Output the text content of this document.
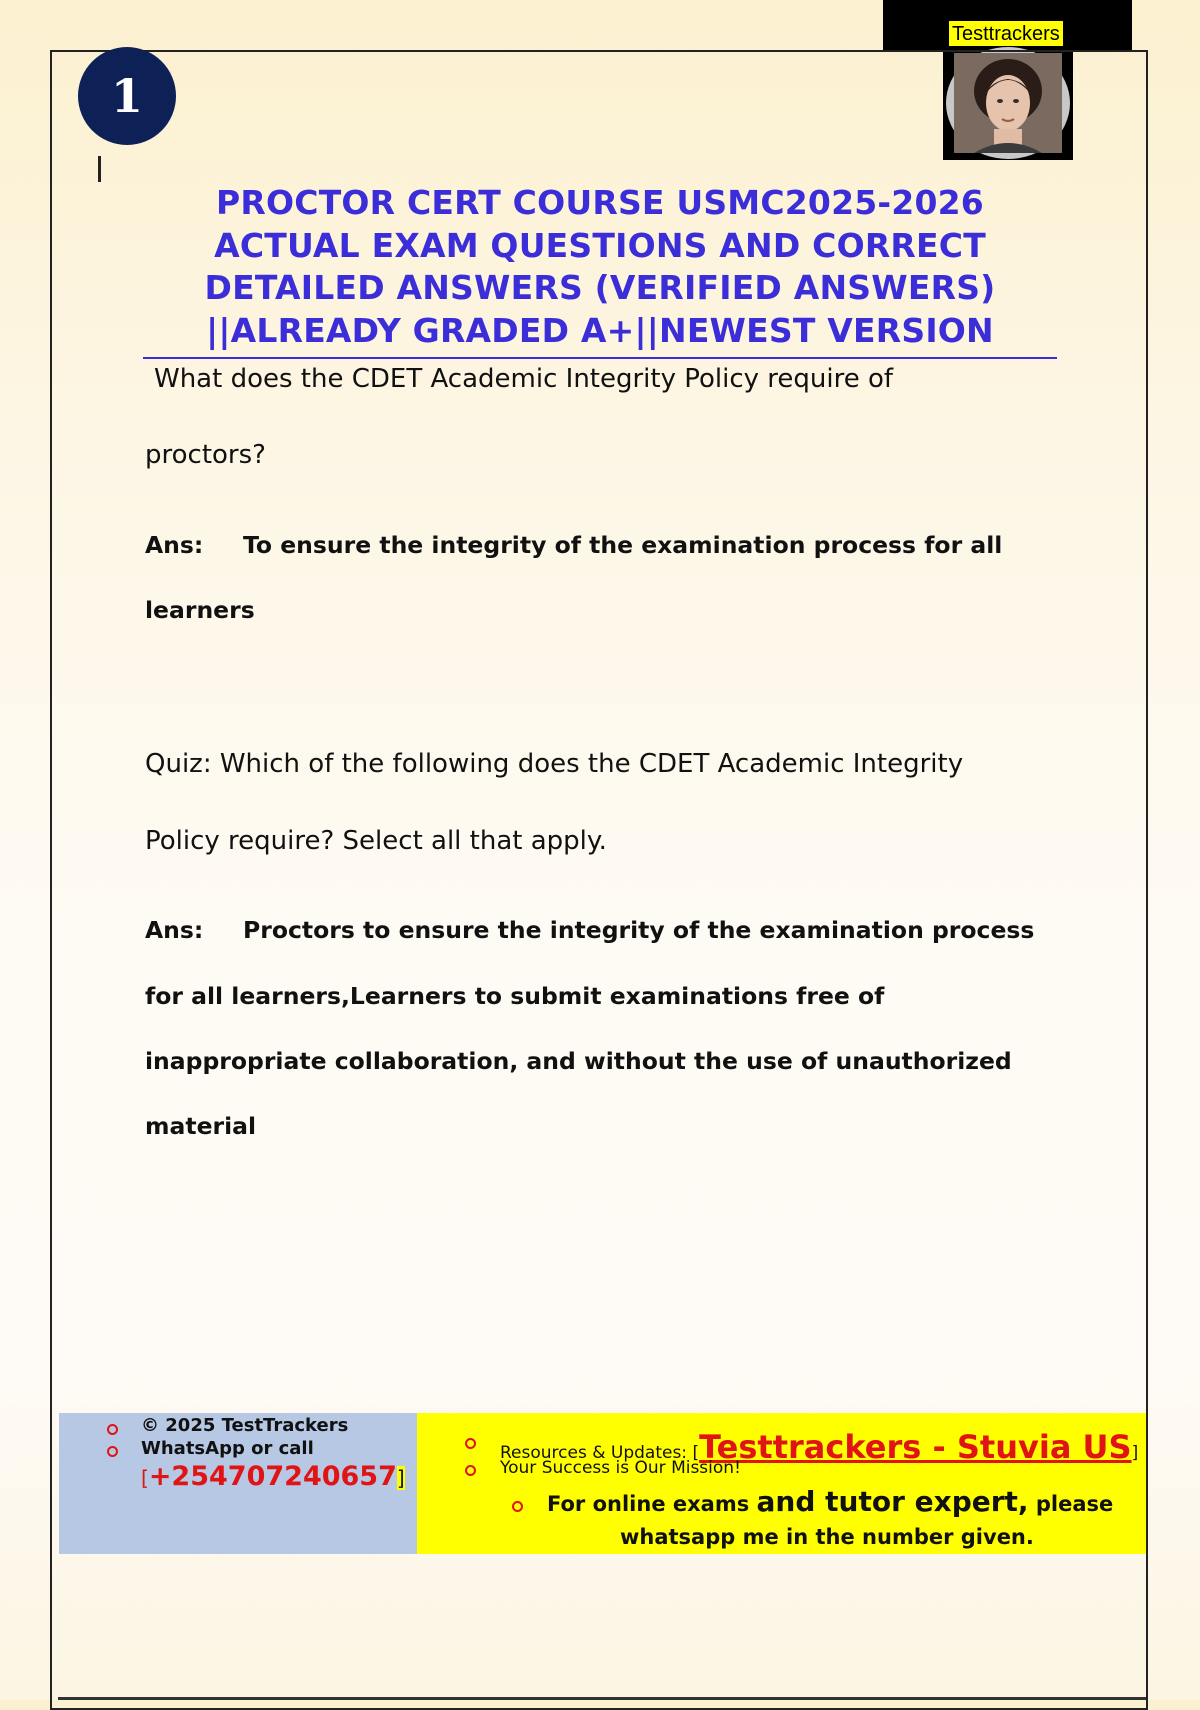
Testtrackers
1
PROCTOR CERT COURSE USMC2025-2026
ACTUAL EXAM QUESTIONS AND CORRECT
DETAILED ANSWERS (VERIFIED ANSWERS)
||ALREADY GRADED A+||NEWEST VERSION
What does the CDET Academic Integrity Policy require of
proctors?
Ans: To ensure the integrity of the examination process for all
learners
Quiz: Which of the following does the CDET Academic Integrity
Policy require? Select all that apply.
Ans: Proctors to ensure the integrity of the examination process
for all learners,Learners to submit examinations free of
inappropriate collaboration, and without the use of unauthorized
material
© 2025 TestTrackers
WhatsApp or call
[+254707240657]
Resources & Updates: [Testtrackers - Stuvia US]
Your Success is Our Mission!
For online exams and tutor expert, please
whatsapp me in the number given.
